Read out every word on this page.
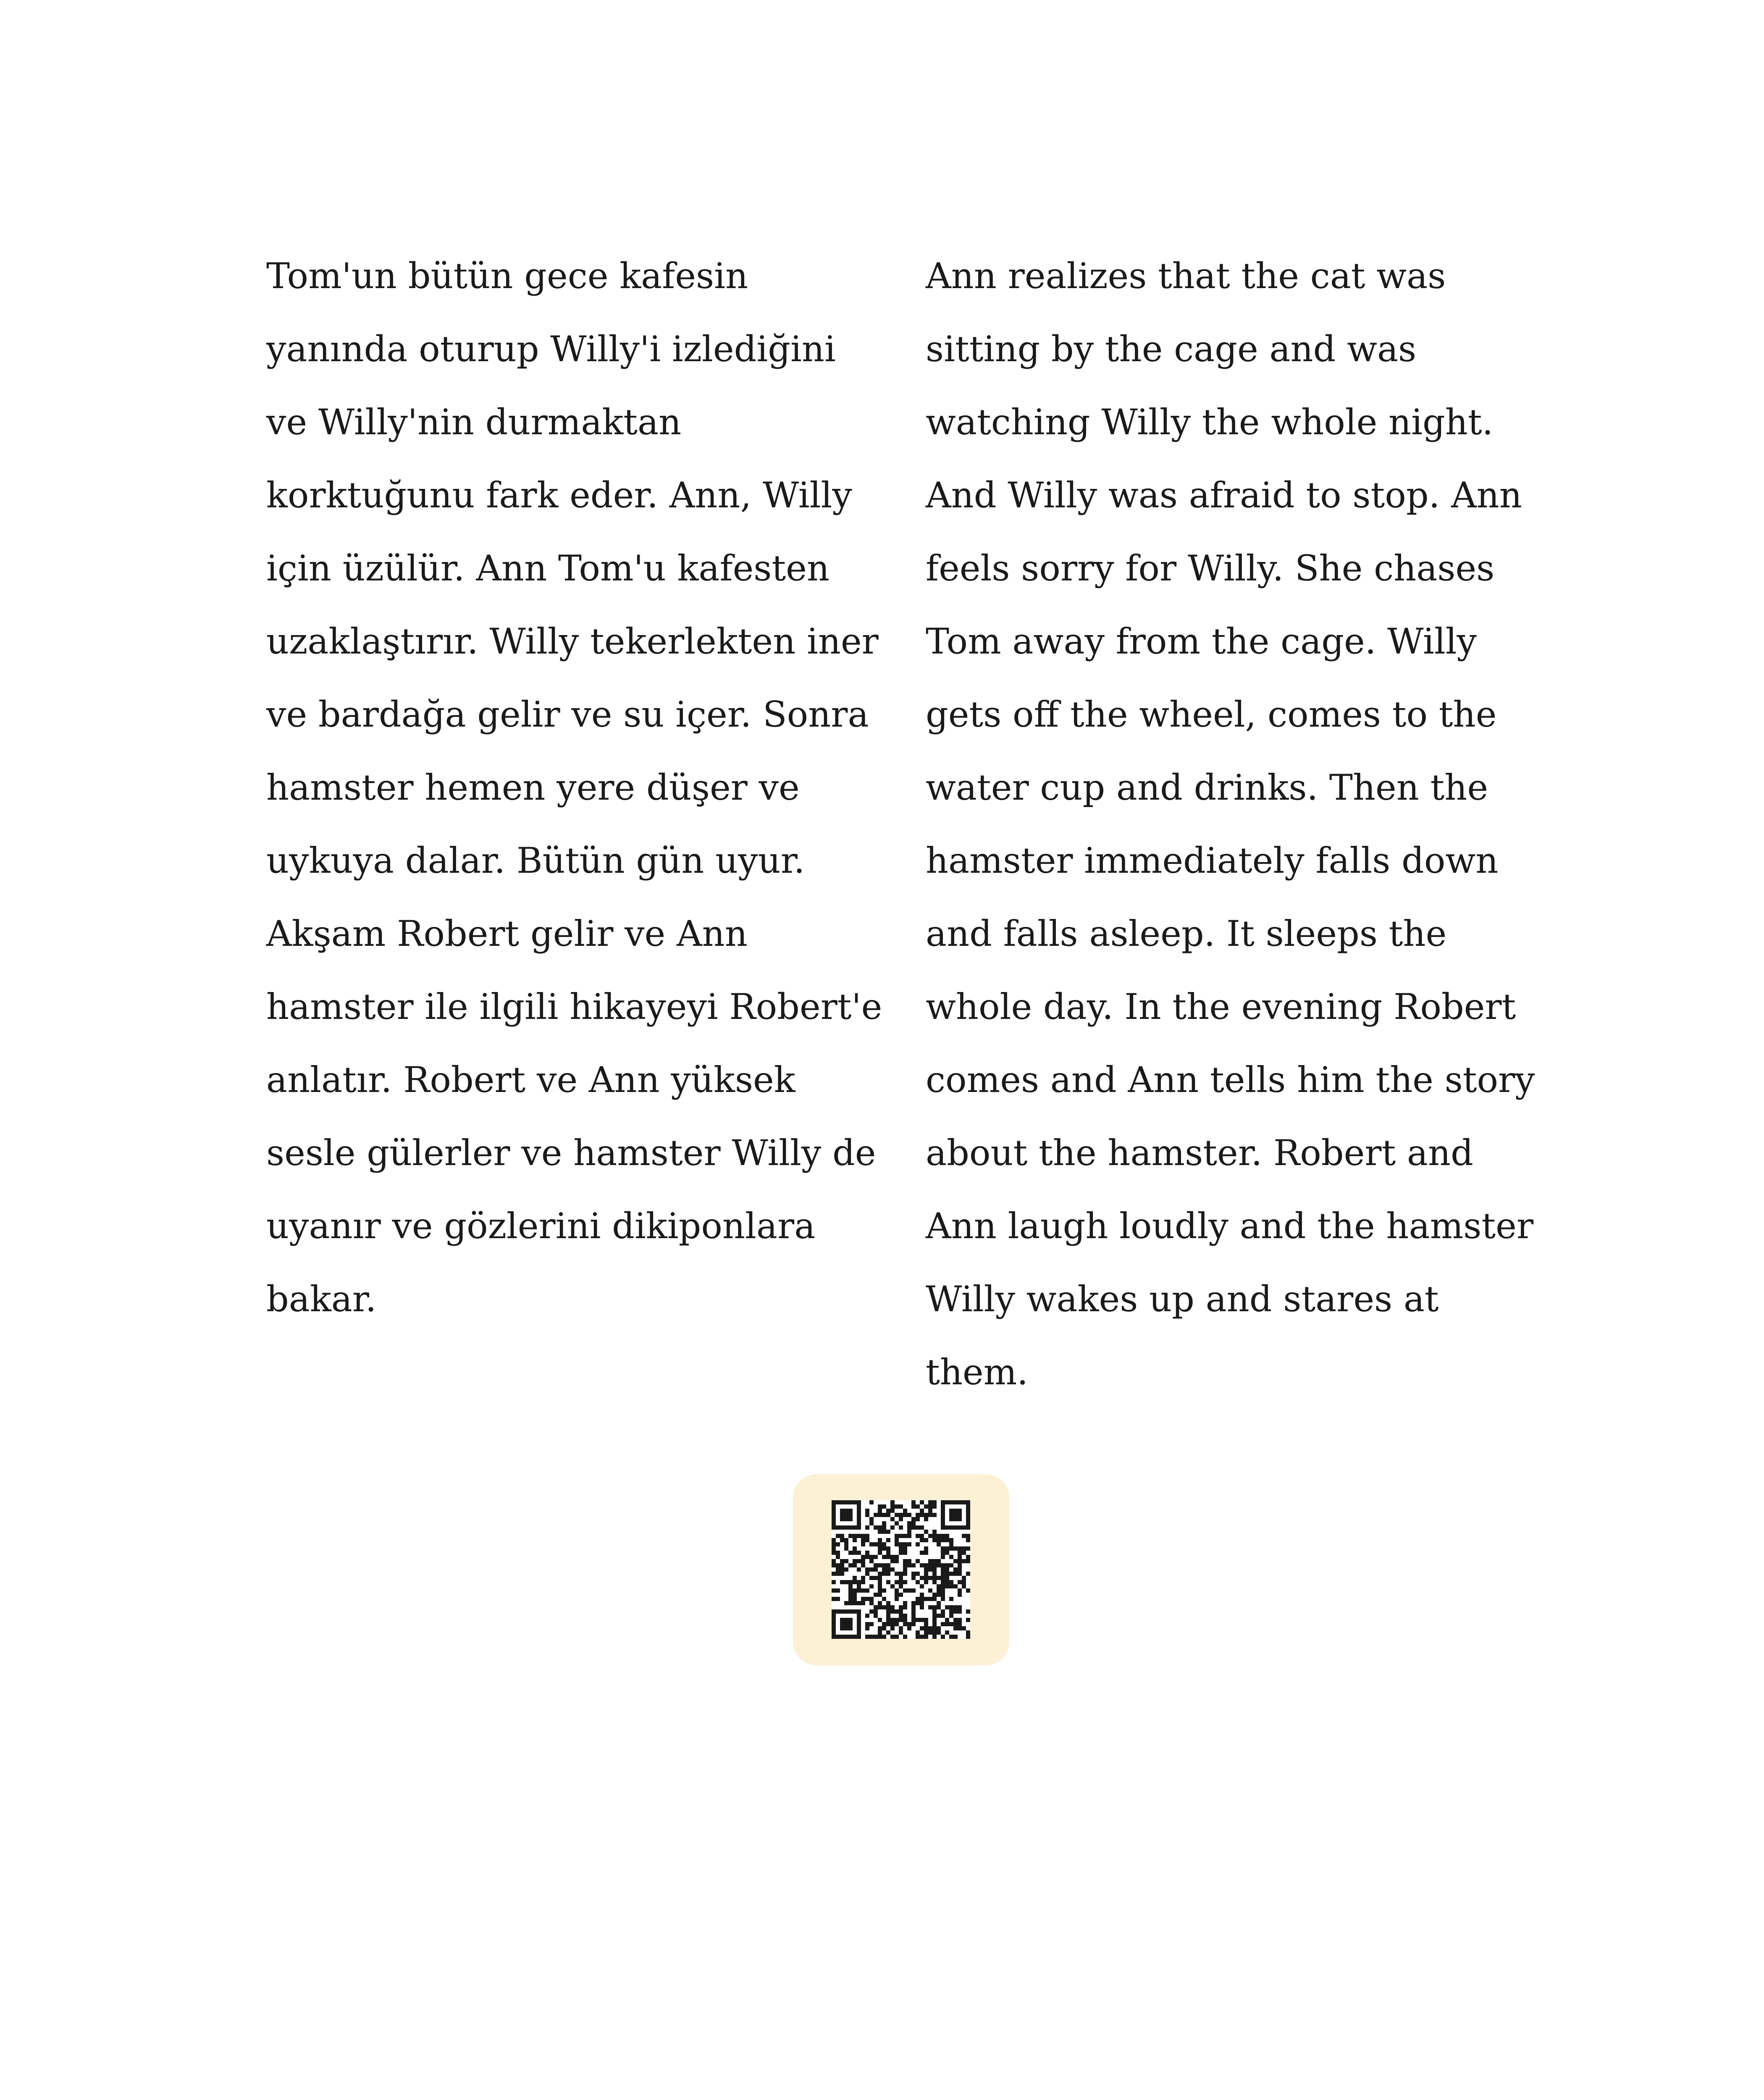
Tom'un bütün gece kafesin
yanında oturup Willy'i izlediğini
ve Willy'nin durmaktan
korktuğunu fark eder. Ann, Willy
için üzülür. Ann Tom'u kafesten
uzaklaştırır. Willy tekerlekten iner
ve bardağa gelir ve su içer. Sonra
hamster hemen yere düşer ve
uykuya dalar. Bütün gün uyur.
Akşam Robert gelir ve Ann
hamster ile ilgili hikayeyi Robert'e
anlatır. Robert ve Ann yüksek
sesle gülerler ve hamster Willy de
uyanır ve gözlerini dikiponlara
bakar.
Ann realizes that the cat was
sitting by the cage and was
watching Willy the whole night.
And Willy was afraid to stop. Ann
feels sorry for Willy. She chases
Tom away from the cage. Willy
gets off the wheel, comes to the
water cup and drinks. Then the
hamster immediately falls down
and falls asleep. It sleeps the
whole day. In the evening Robert
comes and Ann tells him the story
about the hamster. Robert and
Ann laugh loudly and the hamster
Willy wakes up and stares at
them.
